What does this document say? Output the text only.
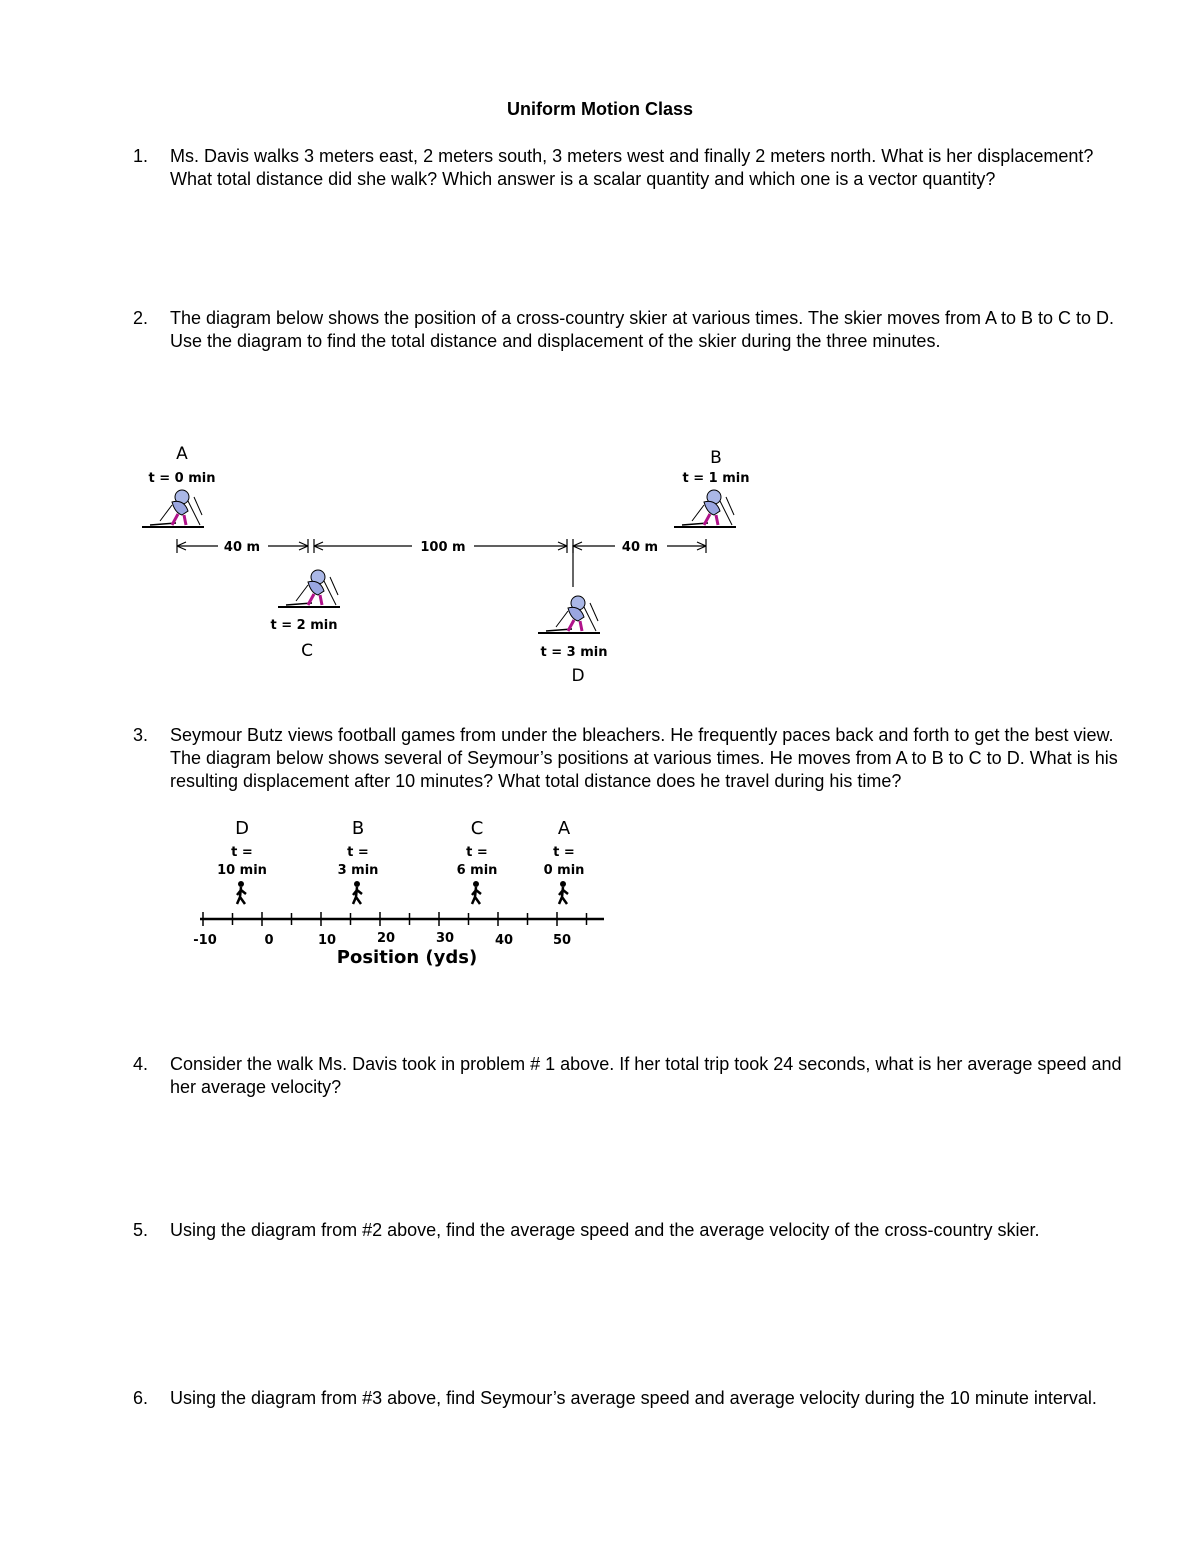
Uniform Motion Class
1. Ms. Davis walks 3 meters east, 2 meters south, 3 meters west and finally 2 meters north. What is her displacement? What total distance did she walk? Which answer is a scalar quantity and which one is a vector quantity?
2. The diagram below shows the position of a cross-country skier at various times. The skier moves from A to B to C to D. Use the diagram to find the total distance and displacement of the skier during the three minutes.
A
t = 0 min
B
t = 1 min
t = 2 min
C	t = 3 min
D
40 m	100 m	40 m
3. Seymour Butz views football games from under the bleachers. He frequently paces back and forth to get the best view. The diagram below shows several of Seymour’s positions at various times. He moves from A to B to C to D. What is his resulting displacement after 10 minutes? What total distance does he travel during his time?
D
t =
10 min
B
t =
3 min
C
t =
6 min
A
t =
0 min
-10	0	10	20	30	40	50
Position (yds)
4. Consider the walk Ms. Davis took in problem # 1 above. If her total trip took 24 seconds, what is her average speed and her average velocity?
5. Using the diagram from #2 above, find the average speed and the average velocity of the cross-country skier.
6. Using the diagram from #3 above, find Seymour’s average speed and average velocity during the 10 minute interval.
